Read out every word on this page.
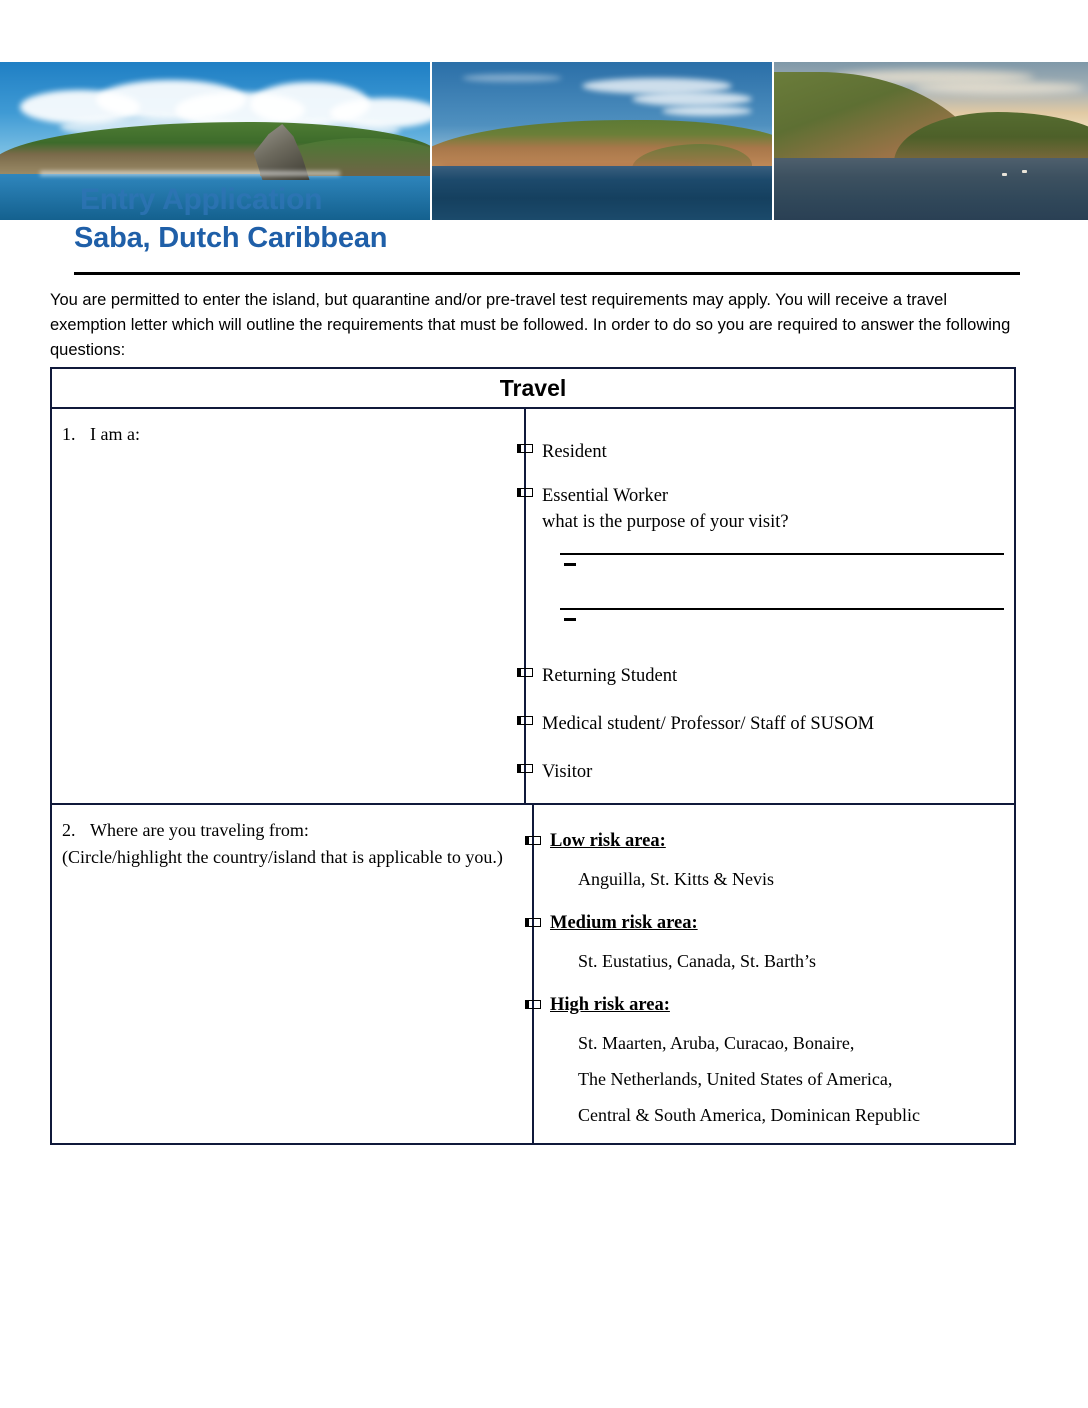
Entry Application
Saba, Dutch Caribbean
You are permitted to enter the island, but quarantine and/or pre-travel test requirements may apply. You will receive a travel exemption letter which will outline the requirements that must be followed. In order to do so you are required to answer the following questions:
Travel
1. I am a:
Resident
Essential Worker
what is the purpose of your visit?
Returning Student
Medical student/ Professor/ Staff of SUSOM
Visitor
2. Where are you traveling from:
(Circle/highlight the country/island that is applicable to you.)
Low risk area:
Anguilla, St. Kitts & Nevis
Medium risk area:
St. Eustatius, Canada, St. Barth’s
High risk area:
St. Maarten, Aruba, Curacao, Bonaire,
The Netherlands, United States of America,
Central & South America, Dominican Republic
